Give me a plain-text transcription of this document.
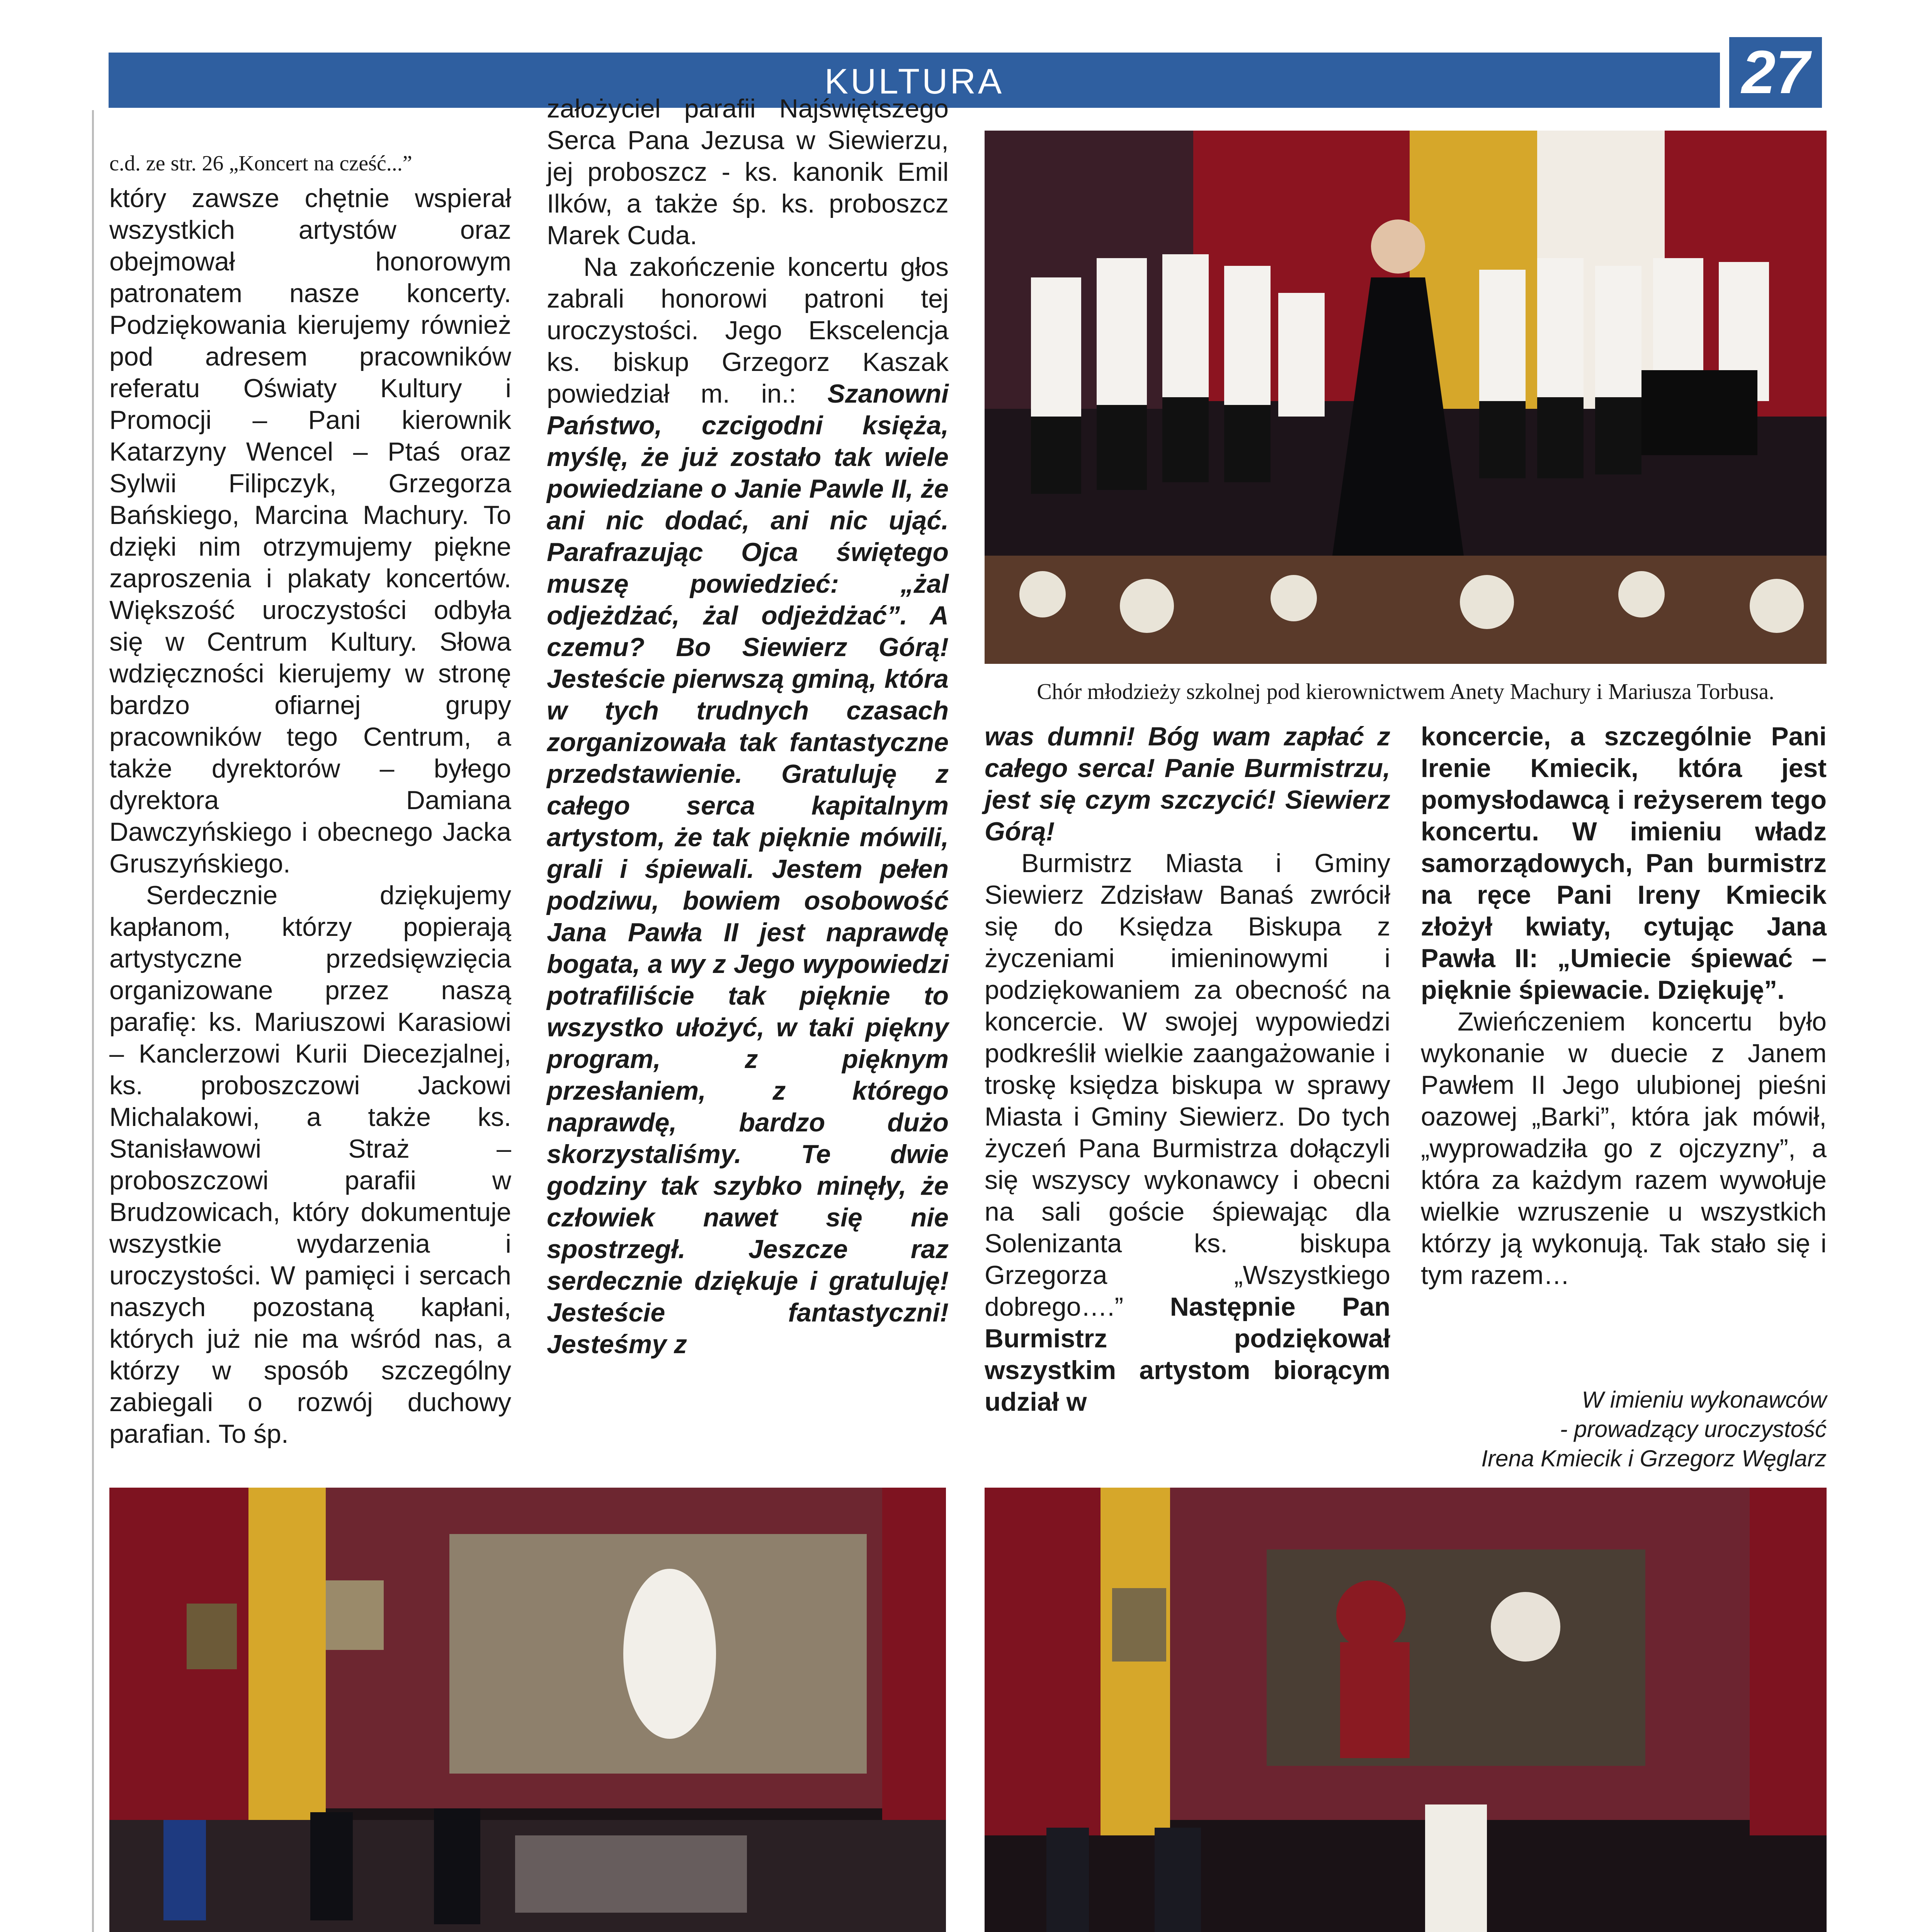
KULTURA	27
c.d. ze str. 26 „Koncert na cześć...”

który zawsze chętnie wspierał wszystkich artystów oraz obejmował honorowym patronatem nasze koncerty. Podziękowania kierujemy również pod adresem pracowników referatu Oświaty Kultury i Promocji – Pani kierownik Katarzyny Wencel – Ptaś oraz Sylwii Filipczyk, Grzegorza Bańskiego, Marcina Machury. To dzięki nim otrzymujemy piękne zaproszenia i plakaty koncertów. Większość uroczystości odbyła się w Centrum Kultury. Słowa wdzięczności kierujemy w stronę bardzo ofiarnej grupy pracowników tego Centrum, a także dyrektorów – byłego dyrektora Damiana Dawczyńskiego i obecnego Jacka Gruszyńskiego.

Serdecznie dziękujemy kapłanom, którzy popierają artystyczne przedsięwzięcia organizowane przez naszą parafię: ks. Mariuszowi Karasiowi – Kanclerzowi Kurii Diecezjalnej, ks. proboszczowi Jackowi Michalakowi, a także ks. Stanisławowi Straż – proboszczowi parafii w Brudzowicach, który dokumentuje wszystkie wydarzenia i uroczystości. W pamięci i sercach naszych pozostaną kapłani, których już nie ma wśród nas, a którzy w sposób szczególny zabiegali o rozwój duchowy parafian. To śp.

założyciel parafii Najświętszego Serca Pana Jezusa w Siewierzu, jej proboszcz - ks. kanonik Emil Ilków, a także śp. ks. proboszcz Marek Cuda.

Na zakończenie koncertu głos zabrali honorowi patroni tej uroczystości. Jego Ekscelencja ks. biskup Grzegorz Kaszak powiedział m. in.: Szanowni Państwo, czcigodni księża, myślę, że już zostało tak wiele powiedziane o Janie Pawle II, że ani nic dodać, ani nic ująć. Parafrazując Ojca świętego muszę powiedzieć: „żal odjeżdżać, żal odjeżdżać”. A czemu? Bo Siewierz Górą! Jesteście pierwszą gminą, która w tych trudnych czasach zorganizowała tak fantastyczne przedstawienie. Gratuluję z całego serca kapitalnym artystom, że tak pięknie mówili, grali i śpiewali. Jestem pełen podziwu, bowiem osobowość Jana Pawła II jest naprawdę bogata, a wy z Jego wypowiedzi potrafiliście tak pięknie to wszystko ułożyć, w taki piękny program, z pięknym przesłaniem, z którego naprawdę, bardzo dużo skorzystaliśmy. Te dwie godziny tak szybko minęły, że człowiek nawet się nie spostrzegł. Jeszcze raz serdecznie dziękuje i gratuluję! Jesteście fantastyczni! Jesteśmy z

was dumni! Bóg wam zapłać z całego serca! Panie Burmistrzu, jest się czym szczycić! Siewierz Górą!

Burmistrz Miasta i Gminy Siewierz Zdzisław Banaś zwrócił się do Księdza Biskupa z życzeniami imieninowymi i podziękowaniem za obecność na koncercie. W swojej wypowiedzi podkreślił wielkie zaangażowanie i troskę księdza biskupa w sprawy Miasta i Gminy Siewierz. Do tych życzeń Pana Burmistrza dołączyli się wszyscy wykonawcy i obecni na sali goście śpiewając dla Solenizanta ks. biskupa Grzegorza „Wszystkiego dobrego….” Następnie Pan Burmistrz podziękował wszystkim artystom biorącym udział w

koncercie, a szczególnie Pani Irenie Kmiecik, która jest pomysłodawcą i reżyserem tego koncertu. W imieniu władz samorządowych, Pan burmistrz na ręce Pani Ireny Kmiecik złożył kwiaty, cytując Jana Pawła II: „Umiecie śpiewać – pięknie śpiewacie. Dziękuję”.

Zwieńczeniem koncertu było wykonanie w duecie z Janem Pawłem II Jego ulubionej pieśni oazowej „Barki”, która jak mówił, „wyprowadziła go z ojczyzny”, a która za każdym razem wywołuje wielkie wzruszenie u wszystkich którzy ją wykonują. Tak stało się i tym razem…

W imieniu wykonawców
- prowadzący uroczystość
Irena Kmiecik i Grzegorz Węglarz
Chór młodzieży szkolnej pod kierownictwem Anety Machury i Mariusza Torbusa.
